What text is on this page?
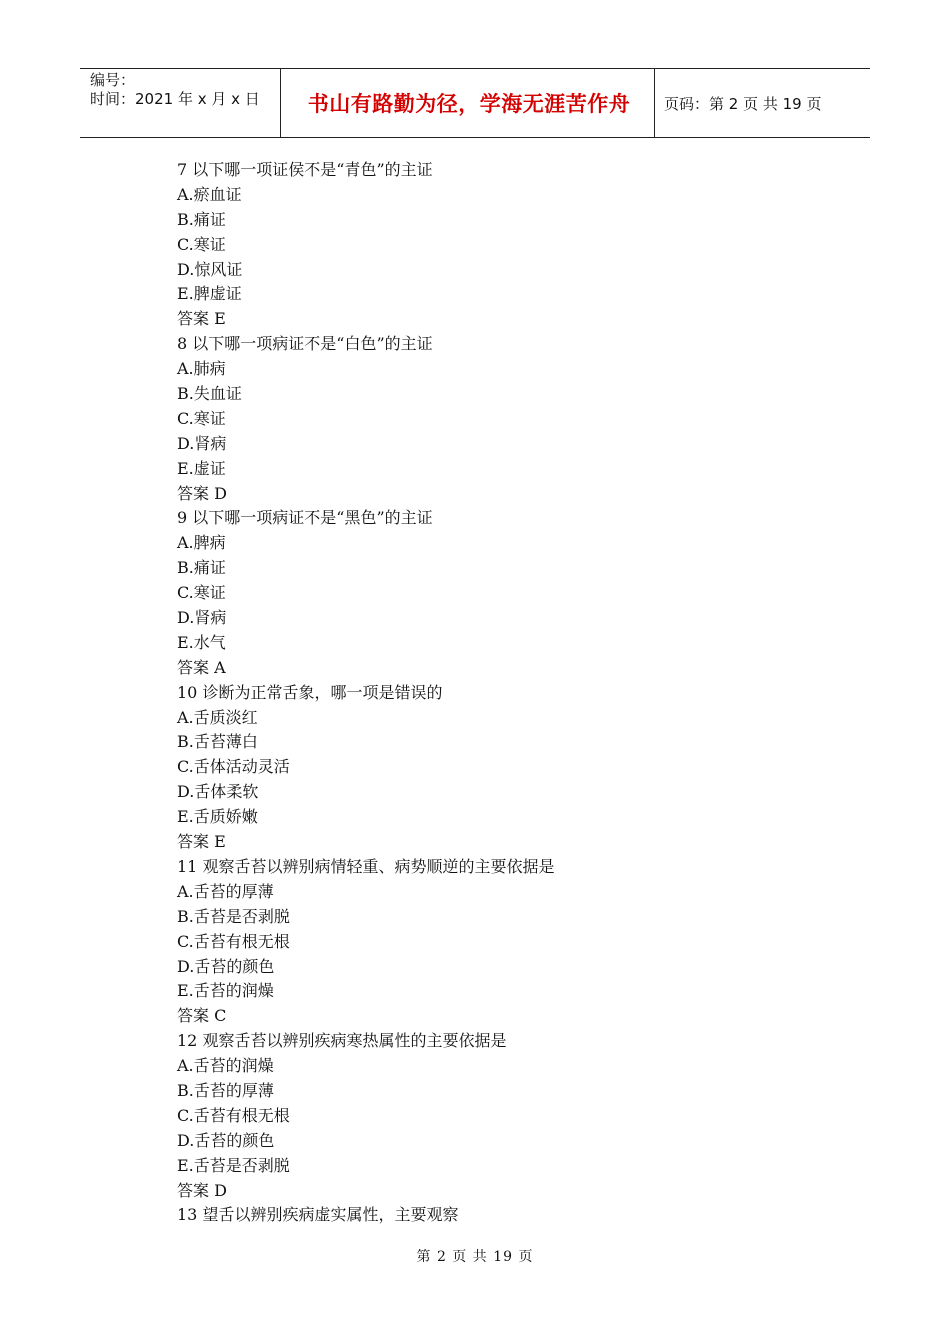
编号：
时间：2021 年 x 月 x 日	书山有路勤为径，学海无涯苦作舟	页码：第 2 页 共 19 页
7 以下哪一项证侯不是“青色”的主证
A.瘀血证
B.痛证
C.寒证
D.惊风证
E.脾虚证
答案 E
8 以下哪一项病证不是“白色”的主证
A.肺病
B.失血证
C.寒证
D.肾病
E.虚证
答案 D
9 以下哪一项病证不是“黑色”的主证
A.脾病
B.痛证
C.寒证
D.肾病
E.水气
答案 A
10 诊断为正常舌象，哪一项是错误的
A.舌质淡红
B.舌苔薄白
C.舌体活动灵活
D.舌体柔软
E.舌质娇嫩
答案 E
11 观察舌苔以辨别病情轻重、病势顺逆的主要依据是
A.舌苔的厚薄
B.舌苔是否剥脱
C.舌苔有根无根
D.舌苔的颜色
E.舌苔的润燥
答案 C
12 观察舌苔以辨别疾病寒热属性的主要依据是
A.舌苔的润燥
B.舌苔的厚薄
C.舌苔有根无根
D.舌苔的颜色
E.舌苔是否剥脱
答案 D
13 望舌以辨别疾病虚实属性，主要观察
第 2 页 共 19 页
